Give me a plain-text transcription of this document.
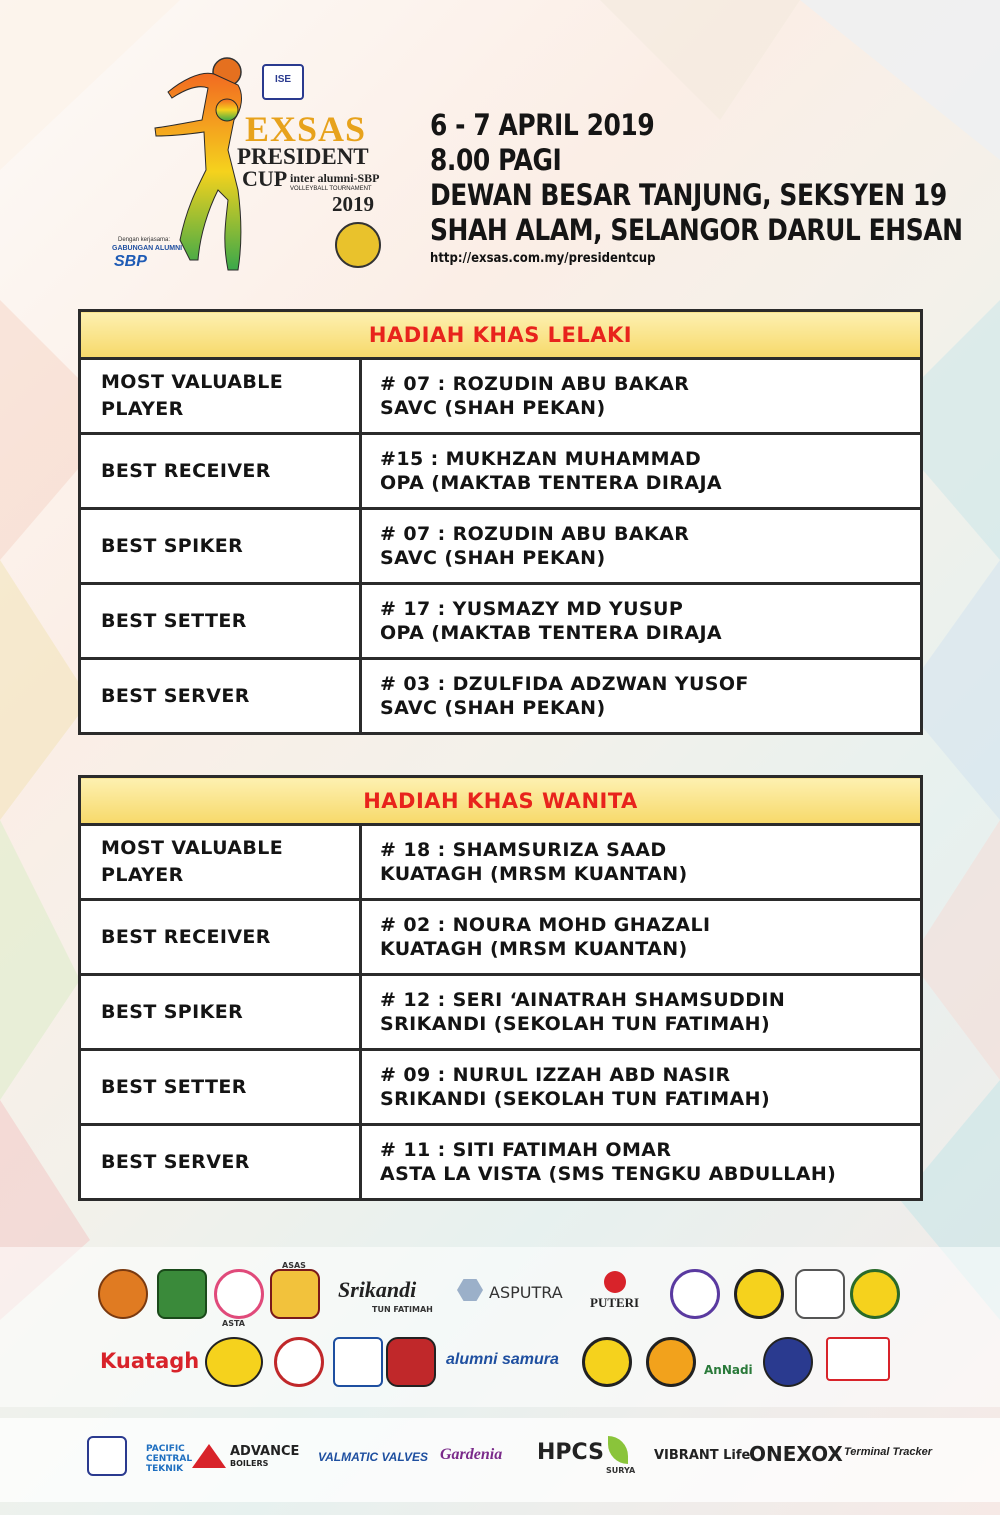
ISE
EXSAS
PRESIDENT
CUP inter alumni-SBP
VOLLEYBALL TOURNAMENT
2019
Dengan kerjasama:
GABUNGAN ALUMNI
SBP
6 - 7 APRIL 2019
8.00 PAGI
DEWAN BESAR TANJUNG, SEKSYEN 19
SHAH ALAM, SELANGOR DARUL EHSAN
http://exsas.com.my/presidentcup
HADIAH KHAS LELAKI	
MOST VALUABLE
PLAYER	# 07 : ROZUDIN ABU BAKAR
SAVC (SHAH PEKAN)
BEST RECEIVER	#15 : MUKHZAN MUHAMMAD
OPA (MAKTAB TENTERA DIRAJA
BEST SPIKER	# 07 : ROZUDIN ABU BAKAR
SAVC (SHAH PEKAN)
BEST SETTER	# 17 : YUSMAZY MD YUSUP
OPA (MAKTAB TENTERA DIRAJA
BEST SERVER	# 03 : DZULFIDA ADZWAN YUSOF
SAVC (SHAH PEKAN)
HADIAH KHAS WANITA	
MOST VALUABLE
PLAYER	# 18 : SHAMSURIZA SAAD
KUATAGH (MRSM KUANTAN)
BEST RECEIVER	# 02 : NOURA MOHD GHAZALI
KUATAGH (MRSM KUANTAN)
BEST SPIKER	# 12 : SERI ‘AINATRAH SHAMSUDDIN
SRIKANDI (SEKOLAH TUN FATIMAH)
BEST SETTER	# 09 : NURUL IZZAH ABD NASIR
SRIKANDI (SEKOLAH TUN FATIMAH)
BEST SERVER	# 11 : SITI FATIMAH OMAR
ASTA LA VISTA (SMS TENGKU ABDULLAH)
ASTA
ASAS
Srikandi
TUN FATIMAH
ASPUTRA
PUTERI
Kuatagh	alumni samura
AnNadi
PACIFIC
CENTRAL
TEKNIK
ADVANCE
BOILERS	VALMATIC VALVES Gardenia HPCS
SURYA
VIBRANT Life
ONEXOX Terminal Tracker
